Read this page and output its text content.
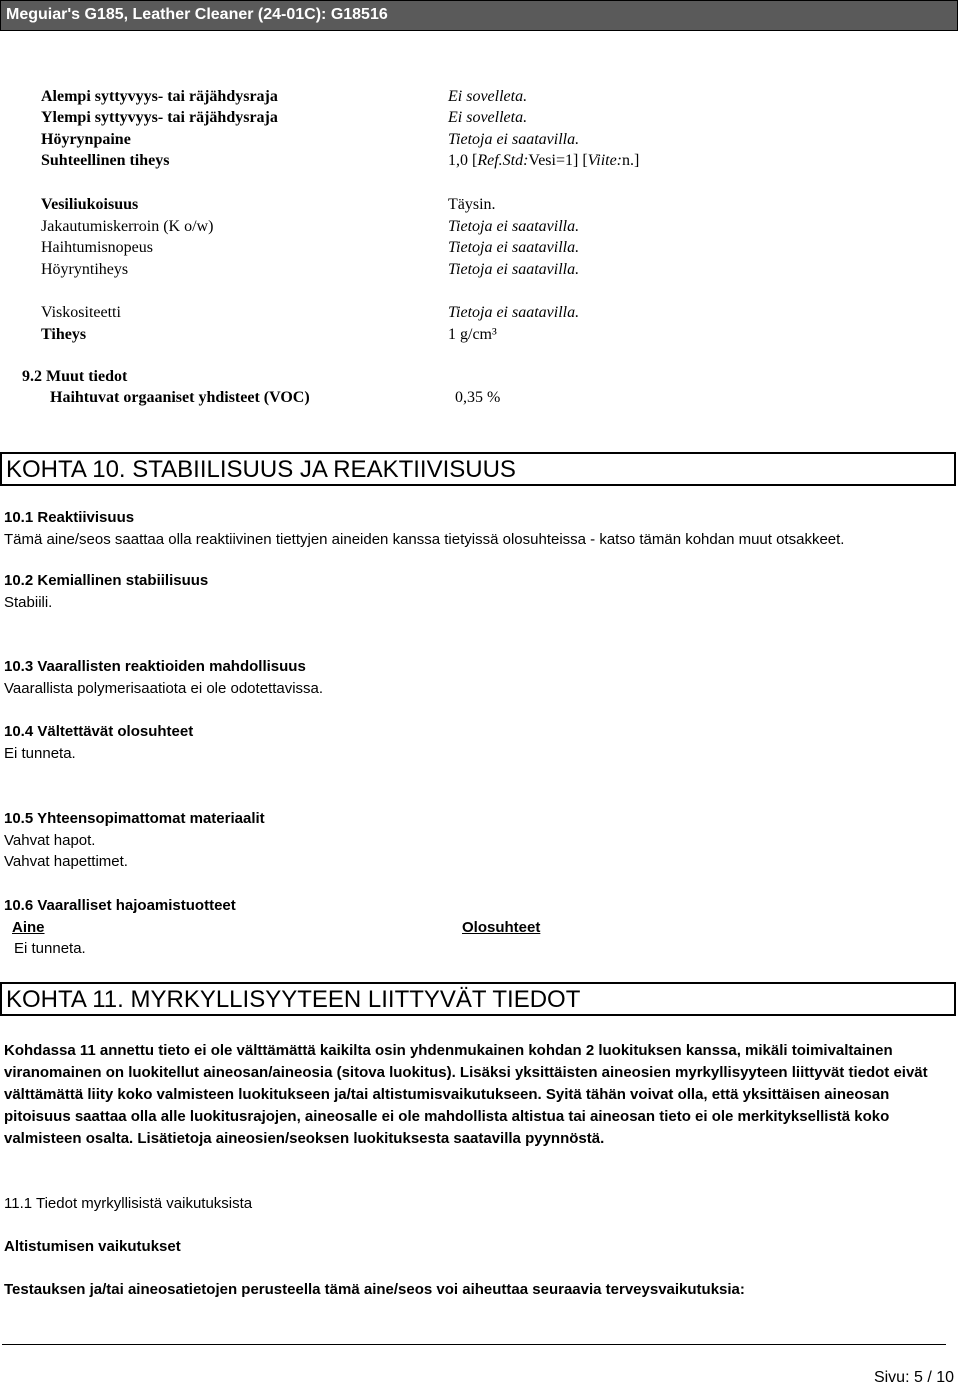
Meguiar's G185, Leather Cleaner (24-01C): G18516
Alempi syttyvyys- tai räjähdysraja	Ei sovelleta.
Ylempi syttyvyys- tai räjähdysraja	Ei sovelleta.
Höyrynpaine	Tietoja ei saatavilla.
Suhteellinen tiheys	1,0 [Ref.Std:Vesi=1] [Viite:n.]
Vesiliukoisuus	Täysin.
Jakautumiskerroin (K o/w)	Tietoja ei saatavilla.
Haihtumisnopeus	Tietoja ei saatavilla.
Höyryntiheys	Tietoja ei saatavilla.
Viskositeetti	Tietoja ei saatavilla.
Tiheys	1 g/cm³
9.2 Muut tiedot
Haihtuvat orgaaniset yhdisteet (VOC)	0,35 %
KOHTA 10. STABIILISUUS JA REAKTIIVISUUS
10.1 Reaktiivisuus
Tämä aine/seos saattaa olla reaktiivinen tiettyjen aineiden kanssa tietyissä olosuhteissa - katso tämän kohdan muut otsakkeet.
10.2 Kemiallinen stabiilisuus
Stabiili.
10.3 Vaarallisten reaktioiden mahdollisuus
Vaarallista polymerisaatiota ei ole odotettavissa.
10.4 Vältettävät olosuhteet
Ei tunneta.
10.5 Yhteensopimattomat materiaalit
Vahvat hapot.
Vahvat hapettimet.
10.6 Vaaralliset hajoamistuotteet
Aine	Olosuhteet
Ei tunneta.
KOHTA 11. MYRKYLLISYYTEEN LIITTYVÄT TIEDOT
Kohdassa 11 annettu tieto ei ole välttämättä kaikilta osin yhdenmukainen kohdan 2 luokituksen kanssa, mikäli toimivaltainen viranomainen on luokitellut aineosan/aineosia (sitova luokitus). Lisäksi yksittäisten aineosien myrkyllisyyteen liittyvät tiedot eivät välttämättä liity koko valmisteen luokitukseen ja/tai altistumisvaikutukseen. Syitä tähän voivat olla, että yksittäisen aineosan pitoisuus saattaa olla alle luokitusrajojen, aineosalle ei ole mahdollista altistua tai aineosan tieto ei ole merkityksellistä koko valmisteen osalta. Lisätietoja aineosien/seoksen luokituksesta saatavilla pyynnöstä.
11.1 Tiedot myrkyllisistä vaikutuksista
Altistumisen vaikutukset
Testauksen ja/tai aineosatietojen perusteella tämä aine/seos voi aiheuttaa seuraavia terveysvaikutuksia:
Sivu: 5 / 10
